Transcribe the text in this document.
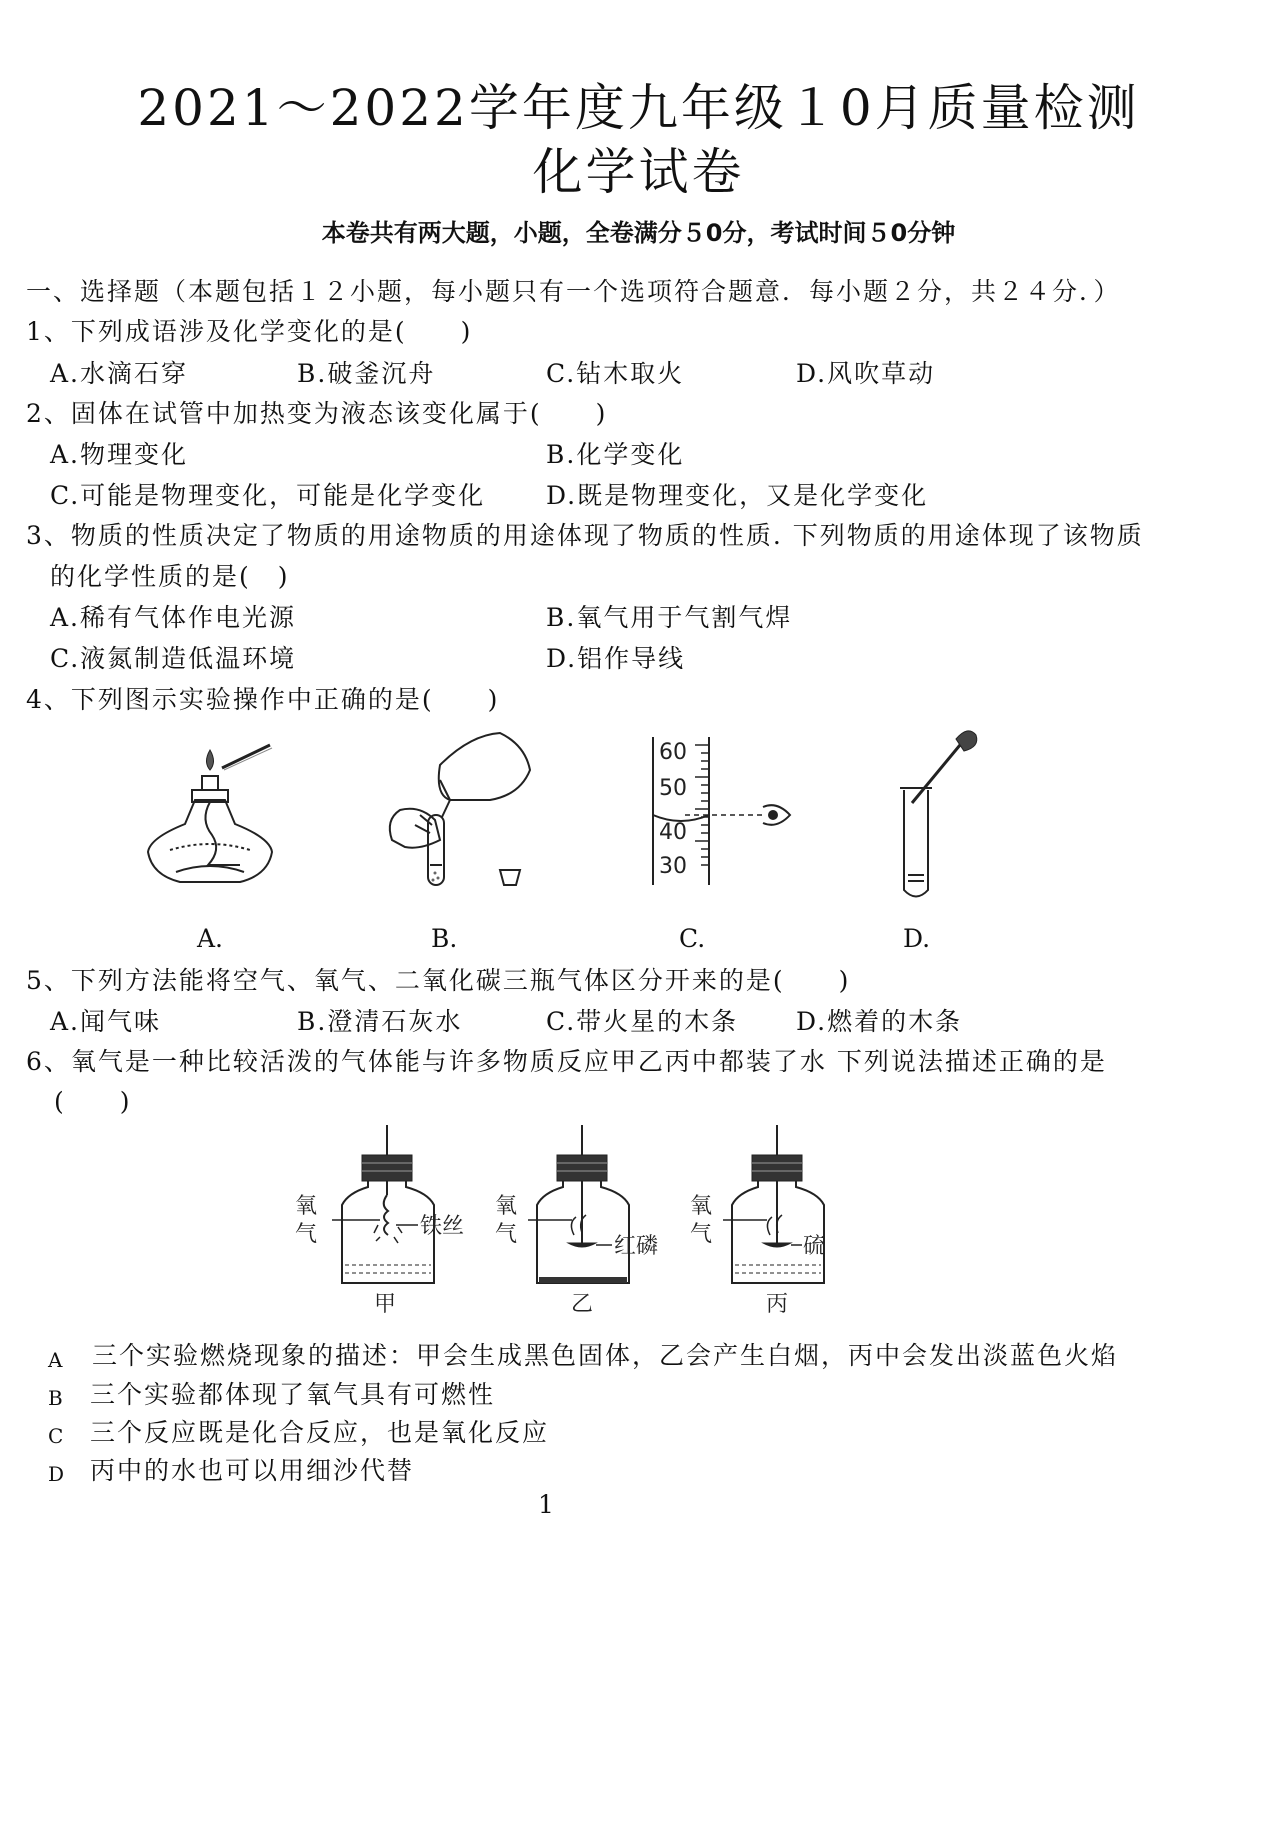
2021～2022学年度九年级１0月质量检测
化学试卷
本卷共有两大题，小题，全卷满分５0分，考试时间５0分钟
一、选择题（本题包括１２小题，每小题只有一个选项符合题意．每小题２分，共２４分．）
1、下列成语涉及化学变化的是(　　)
A.水滴石穿	B.破釜沉舟	C.钻木取火	D.风吹草动
2、固体在试管中加热变为液态该变化属于(　　)
A.物理变化	B.化学变化
C.可能是物理变化，可能是化学变化 D.既是物理变化，又是化学变化
3、物质的性质决定了物质的用途物质的用途体现了物质的性质. 下列物质的用途体现了该物质
的化学性质的是(　)
A.稀有气体作电光源	B.氧气用于气割气焊
C.液氮制造低温环境	D.铝作导线
4、下列图示实验操作中正确的是(　　)
A.	B.
60
50
40
30
C.	D.
5、下列方法能将空气、氧气、二氧化碳三瓶气体区分开来的是(　　)
A.闻气味	B.澄清石灰水	C.带火星的木条 D.燃着的木条
6、氧气是一种比较活泼的气体能与许多物质反应甲乙丙中都装了水 下列说法描述正确的是
(　　)
氧
气	铁丝
甲
氧
气	红磷
乙
氧
气	硫
丙
A 三个实验燃烧现象的描述：甲会生成黑色固体，乙会产生白烟，丙中会发出淡蓝色火焰
B 三个实验都体现了氧气具有可燃性
C 三个反应既是化合反应，也是氧化反应
D 丙中的水也可以用细沙代替
1
